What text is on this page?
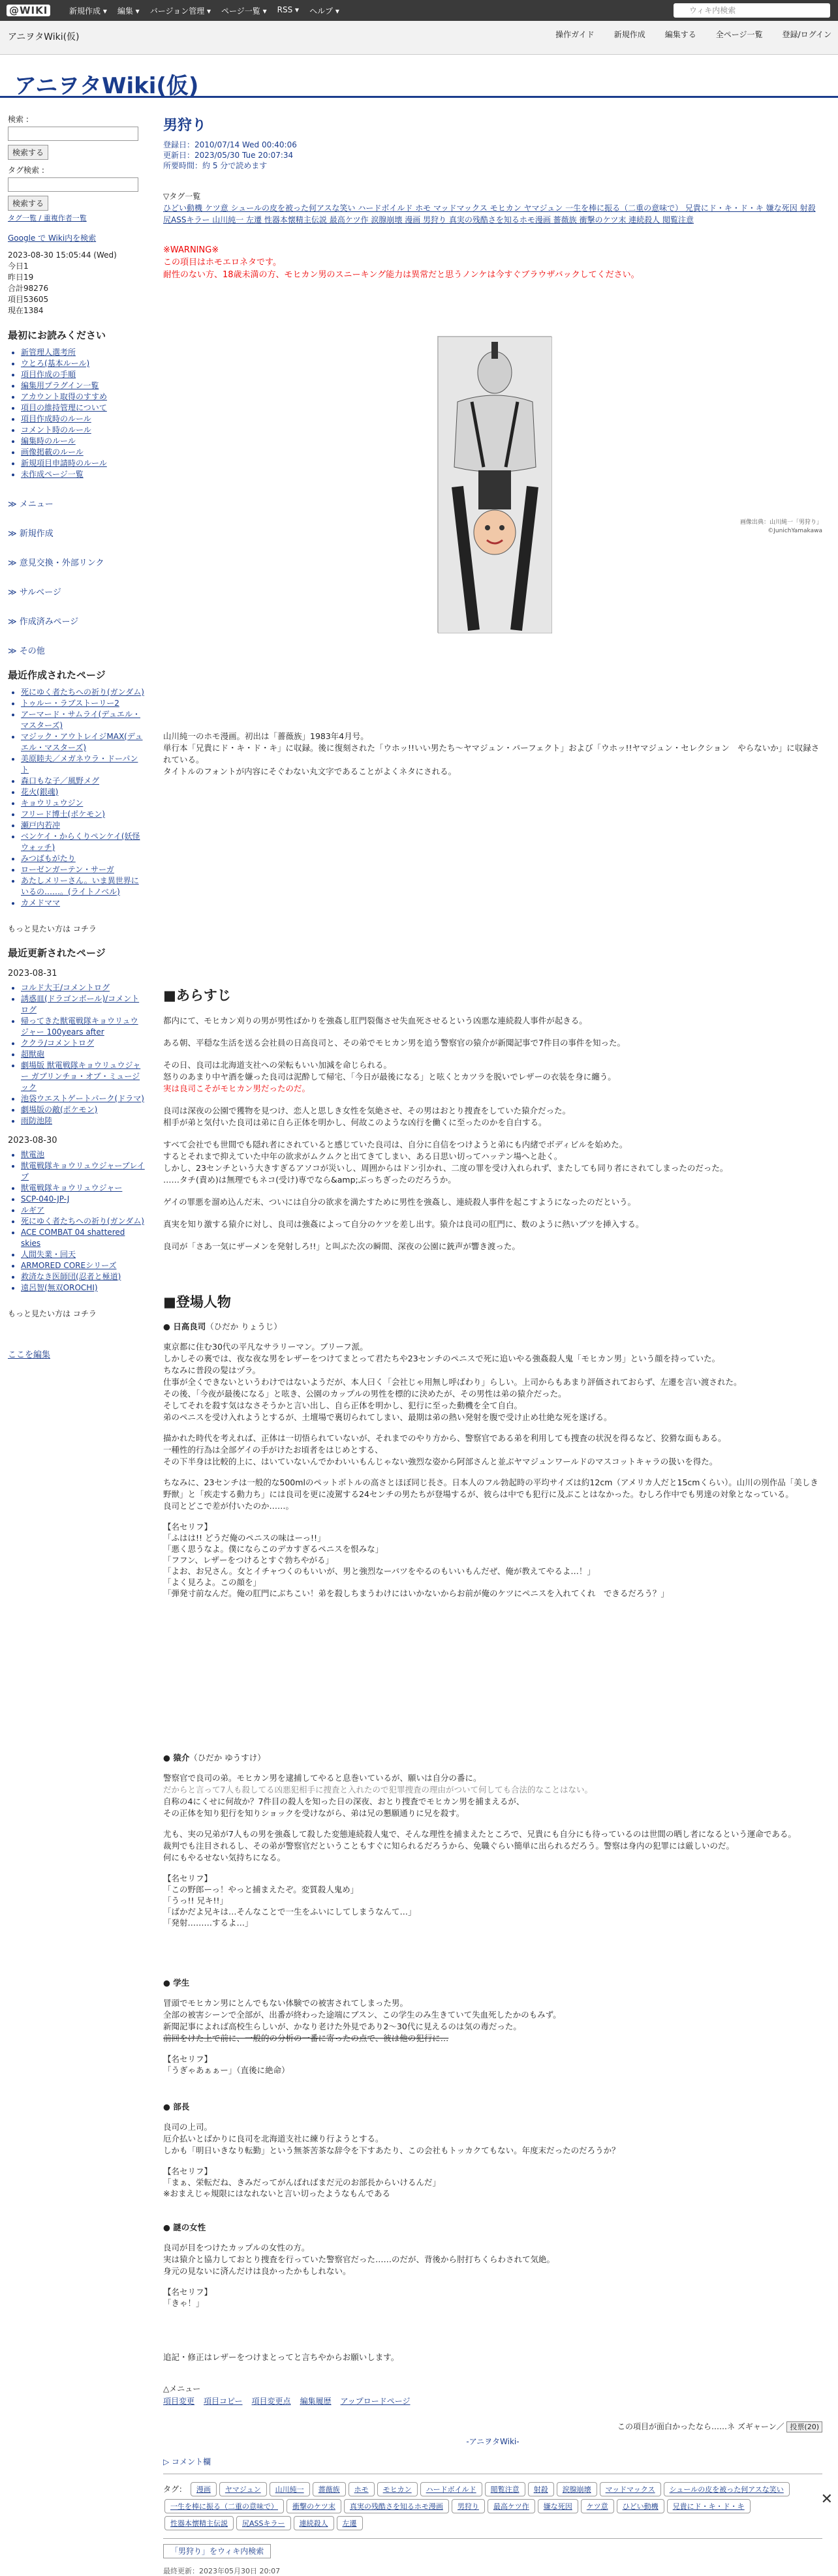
@WIKI	新規作成 ▾ 編集 ▾ バージョン管理 ▾ ページ一覧 ▾ RSS ▾ ヘルプ ▾	ウィキ内検索
アニヲタWiki(仮)	操作ガイド	新規作成	編集する	全ページ一覧	登録/ログイン
アニヲタWiki(仮)
検索 :
検索する
タグ検索 :
検索する
タグ一覧 / 重複作者一覧
Google で Wiki内を検索
2023-08-30 15:05:44 (Wed)
今日1
昨日19
合計98276
項目53605
現在1384
最初にお読みください
• 新管理人選考所
• ウとろ(基本ルール)
• 項目作成の手順
• 編集用プラグイン一覧
• アカウント取得のすすめ
• 項目の維持管理について
• 項目作成時のルール
• コメント時のルール
• 編集時のルール
• 画像掲載のルール
• 新規項目申請時のルール
• 未作成ページ一覧
≫ メニュー
≫ 新規作成
≫ 意見交換・外部リンク
≫ サルベージ
≫ 作成済みページ
≫ その他
最近作成されたページ
• 死にゆく者たちへの祈り(ガンダム)
• トゥルー・ラブストーリー2
• アーマード・サムライ(デュエル・マスターズ)
• マジック・アウトレイジMAX(デュエル・マスターズ)
• 美原睦夫／メガネウラ・ドーパント
• 森口もな子／風野メグ
• 花火(銀魂)
• キョウリュウジン
• フリード博士(ポケモン)
• 瀬戸内若冲
• ベンケイ・からくりペンケイ(妖怪ウォッチ)
• みつばもがたり
• ローゼンガーテン・サーガ
• あたしメリーさん。いま異世界にいるの……。(ライトノベル)
• カメドママ
もっと見たい方は コチラ
最近更新されたページ
2023-08-31
• コルド大王/コメントログ
• 誘惑皿(ドラゴンボール)/コメントログ
• 帰ってきた獣電戦隊キョウリュウジャー 100years after
• ククラ/コメントログ
• 超獣砲
• 劇場版 獣電戦隊キョウリュウジャー ガブリンチョ・オブ・ミュージック
• 池袋ウエストゲートパーク(ドラマ)
• 劇場版の敵(ポケモン)
• 雨防池陸
2023-08-30
• 獣電池
• 獣電戦隊キョウリュウジャーブレイブ
• 獣電戦隊キョウリュウジャー
• SCP-040-JP-J
• ルギア
• 死にゆく者たちへの祈り(ガンダム)
• ACE COMBAT 04 shattered skies
• 人間失業・回天
• ARMORED COREシリーズ
• 救済なき医師団(忍者と極道)
• 遠呂智(無双OROCHI)
もっと見たい方は コチラ
ここを編集
男狩り
登録日：2010/07/14 Wed 00:40:06
更新日：2023/05/30 Tue 20:07:34
所要時間：約 5 分で読めます
▽タグ一覧
ひどい動機 ケツ意 シュールの皮を被った何アスな笑い ハードボイルド ホモ マッドマックス モヒカン ヤマジュン 一生を棒に振る（二重の意味で） 兄貴にド・キ・ド・キ 嫌な死因 射殺 尻ASSキラー 山川純一 左遷 性器本懐精主伝説 最高ケツ作 涙腺崩壊 漫画 男狩り 真実の残酷さを知るホモ漫画 薔薇族 衝撃のケツ末 連続殺人 閲覧注意
※WARNING※
この項目はホモエロネタです。
耐性のない方、18歳未満の方、モヒカン男のスニーキング能力は異常だと思うノンケは今すぐブラウザバックしてください。
画像出典：山川純一「男狩り」
©JunichYamakawa

山川純一のホモ漫画。初出は「薔薇族」1983年4月号。

単行本「兄貴にド・キ・ド・キ」に収録。後に復刻された「ウホッ!!いい男たち〜ヤマジュン・パーフェクト」および「ウホッ!!ヤマジュン・セレクション　やらないか」に収録されている。

タイトルのフォントが内容にそぐわない丸文字であることがよくネタにされる。

■あらすじ

都内にて、モヒカン刈りの男が男性ばかりを強姦し肛門裂傷させ失血死させるという凶悪な連続殺人事件が起きる。

ある朝、平穏な生活を送る会社員の日高良司と、その弟でモヒカン男を追う警察官の猿介が新聞記事で7件目の事件を知った。

その日、良司は北海道支社への栄転もいい加減を命じられる。

怒りのあまり中ヤ酒を嫌った良司は泥酔して帰宅、「今日が最後になる」と呟くとカツラを脱いでレザーの衣装を身に纏う。

実は良司こそがモヒカン男だったのだ。

良司は深夜の公園で獲物を見つけ、恋人と思しき女性を気絶させ、その男はおとり捜査をしていた猿介だった。

相手が弟と気付いた良司は弟に自ら正体を明かし、何故このような凶行を働くに至ったのかを自白する。

すべて会社でも世間でも隠れ者にされていると感じていた良司は、自分に自信をつけようと弟にも内緒でボディビルを始めた。

するとそれまで抑えていた中年の欲求がムクムクと出てきてしまい、ある日思い切ってハッテン場へと赴く。

しかし、23センチという大きすぎるアソコが災いし、周囲からはドン引かれ、二度の罪を受け入れられず、またしても同り者にされてしまったのだった。

……タチ(責め)は無理でもネコ(受け)専でなら&amp;ぶっちぎったのだろうか。

ゲイの罪悪を溜め込んだ末、ついには自分の欲求を満たすために男性を強姦し、連続殺人事件を起こすようになったのだという。

真実を知り激する猿介に対し、良司は強姦によって自分のケツを差し出す。猿介は良司の肛門に、数のように熱いブツを挿入する。

良司が「さあ一気にザーメンを発射しろ!!」と叫ぶた次の瞬間、深夜の公園に銃声が響き渡った。

■登場人物
● 日高良司（ひだか りょうじ）

東京都に住む30代の平凡なサラリーマン。ブリーフ派。

しかしその裏では、夜な夜な男をレザーをつけてまとって君たちや23センチのペニスで死に追いやる強姦殺人鬼「モヒカン男」という顔を持っていた。

ちなみに普段の髪はヅラ。

仕事が全くできないというわけではないようだが、本人曰く「会社じゃ用無し呼ばわり」らしい。上司からもあまり評価されておらず、左遷を言い渡された。

その後、「今夜が最後になる」と呟き、公園のカップルの男性を標的に決めたが、その男性は弟の猿介だった。

そしてそれを殺す気はなさそうかと言い出し、自ら正体を明かし、犯行に至った動機を全て自白。

弟のペニスを受け入れようとするが、土壇場で裏切られてしまい、最期は弟の熱い発射を腹で受け止め壮絶な死を遂げる。

描かれた時代を考えれば、正体は一切悟られていないが、それまでのやり方から、警察官である弟を利用しても捜査の状況を得るなど、狡猾な面もある。

一種性的行為は全部ゲイの手がけたお頃者をはじめとする、

その下半身は比較的上に、はいていないんでかわいいもんじゃない強烈な姿から阿部さんと並ぶヤマジュンワールドのマスコットキャラの扱いを得た。

ちなみに、23センチは一般的な500mlのペットボトルの高さとほぼ同じ長さ。日本人のフル勃起時の平均サイズは約12cm（アメリカ人だと15cmくらい）。山川の別作品「美しき野獣」と「疾走する動力ち」には良司を更に凌駕する24センチの男たちが登場するが、彼らは中でも犯行に及ぶことはなかった。むしろ作中でも男達の対象となっている。

良司とどこで差が付いたのか……。

【名セリフ】
「ふはは!! どうだ俺のペニスの味はーっ!!」
「悪く思うなよ。僕にならこのデカすぎるペニスを恨みな」
「フフン、レザーをつけるとすぐ勃ちやがる」
「よお、お兄さん。女とイチャつくのもいいが、男と強烈なーバツをやるのもいいもんだぜ、俺が教えてやるよ…！」
「よく見ろよ。この顔を」
「弾発寸前なんだ。俺の肛門にぶちこい！弟を殺しちまうわけにはいかないからお前が俺のケツにペニスを入れてくれ　できるだろう？」
● 猿介（ひだか ゆうすけ）

警察官で良司の弟。モヒカン男を逮捕してやると息巻いているが、願いは自分の番に。

だからと言って7人も殺してる凶悪犯相手に捜査と入れたので犯罪捜査の理由がついて何しても合法的なことはない。

自称の4にくせに何故か？7件目の殺人を知った日の深夜、おとり捜査でモヒカン男を捕まえるが、

その正体を知り犯行を知りショックを受けながら、弟は兄の懇願通りに兄を殺す。

尤も、実の兄弟が7人もの男を強姦して殺した変態連続殺人鬼で、そんな理性を捕まえたところで、兄貴にも自分にも待っているのは世間の晒し者になるという運命である。

裁判でも注目されるし、その弟が警察官だということもすぐに知られるだろうから、免職ぐらい簡単に出られるだろう。警察は身内の犯罪には厳しいのだ。

何にもやるせない気持ちになる。

【名セリフ】
「この野郎ーっ！やっと捕まえたぞ。変質殺人鬼め」
「うっ!! 兄キ!!」
「ばかだよ兄キは…そんなことで一生をふいにしてしまうなんて…」
「発射………するよ…」
● 学生

冒頭でモヒカン男にとんでもない体験での被害されてしまった男。

全部の被害シーンで全部が、出番が終わった途端にブスン、この学生のみ生きていて失血死したかのもみず。

新聞記事によれば高校生らしいが、かなり老けた外見であり2〜30代に見えるのは気の毒だった。

前回をけた上で前に、一般的の分析の一番に寄ったの点で、彼は他の犯行に…

【名セリフ】
「うぎゃあぁぁー」（直後に絶命）
● 部長

良司の上司。

厄介払いとばかりに良司を北海道支社に練り行ようとする。

しかも「明日いきなり転勤」という無茶苦茶な辞令を下すあたり、この会社もトッカクてもない。年度末だったのだろうか？

【名セリフ】
「まぁ、栄転だね、きみだってがんばればまだ元のお部長からいけるんだ」
※おまえじゃ規限にはなれないと言い切ったようなもんである
● 謎の女性

良司が目をつけたカップルの女性の方。

実は猿介と協力しておとり捜査を行っていた警察官だった……のだが、背後から肘打ちくらわされて気絶。

身元の見ないに済んだけは良かったかもしれない。

【名セリフ】
「きゃ！」

追記・修正はレザーをつけまとってと言ちやからお願いします。

△メニュー
項目変更 項目コピー 項目変更点 編集履歴 アップロードページ
この項目が面白かったなら……ネ ズギャーン／ 投票(20)
-アニヲタWiki-
▷ コメント欄
タグ： 漫画 ヤマジュン 山川純一 薔薇族 ホモ モヒカン ハードボイルド 閲覧注意 射殺 涙腺崩壊 マッドマックス シュールの皮を被った何アスな笑い一生を棒に振る（二重の意味で） 衝撃のケツ末 真実の残酷さを知るホモ漫画 男狩り 最高ケツ作 嫌な死因 ケツ意 ひどい動機 兄貴にド・キ・ド・キ性器本懐精主伝説 尻ASSキラー 連続殺人 左遷
「男狩り」をウィキ内検索
最終更新：2023年05月30日 20:07
✕
